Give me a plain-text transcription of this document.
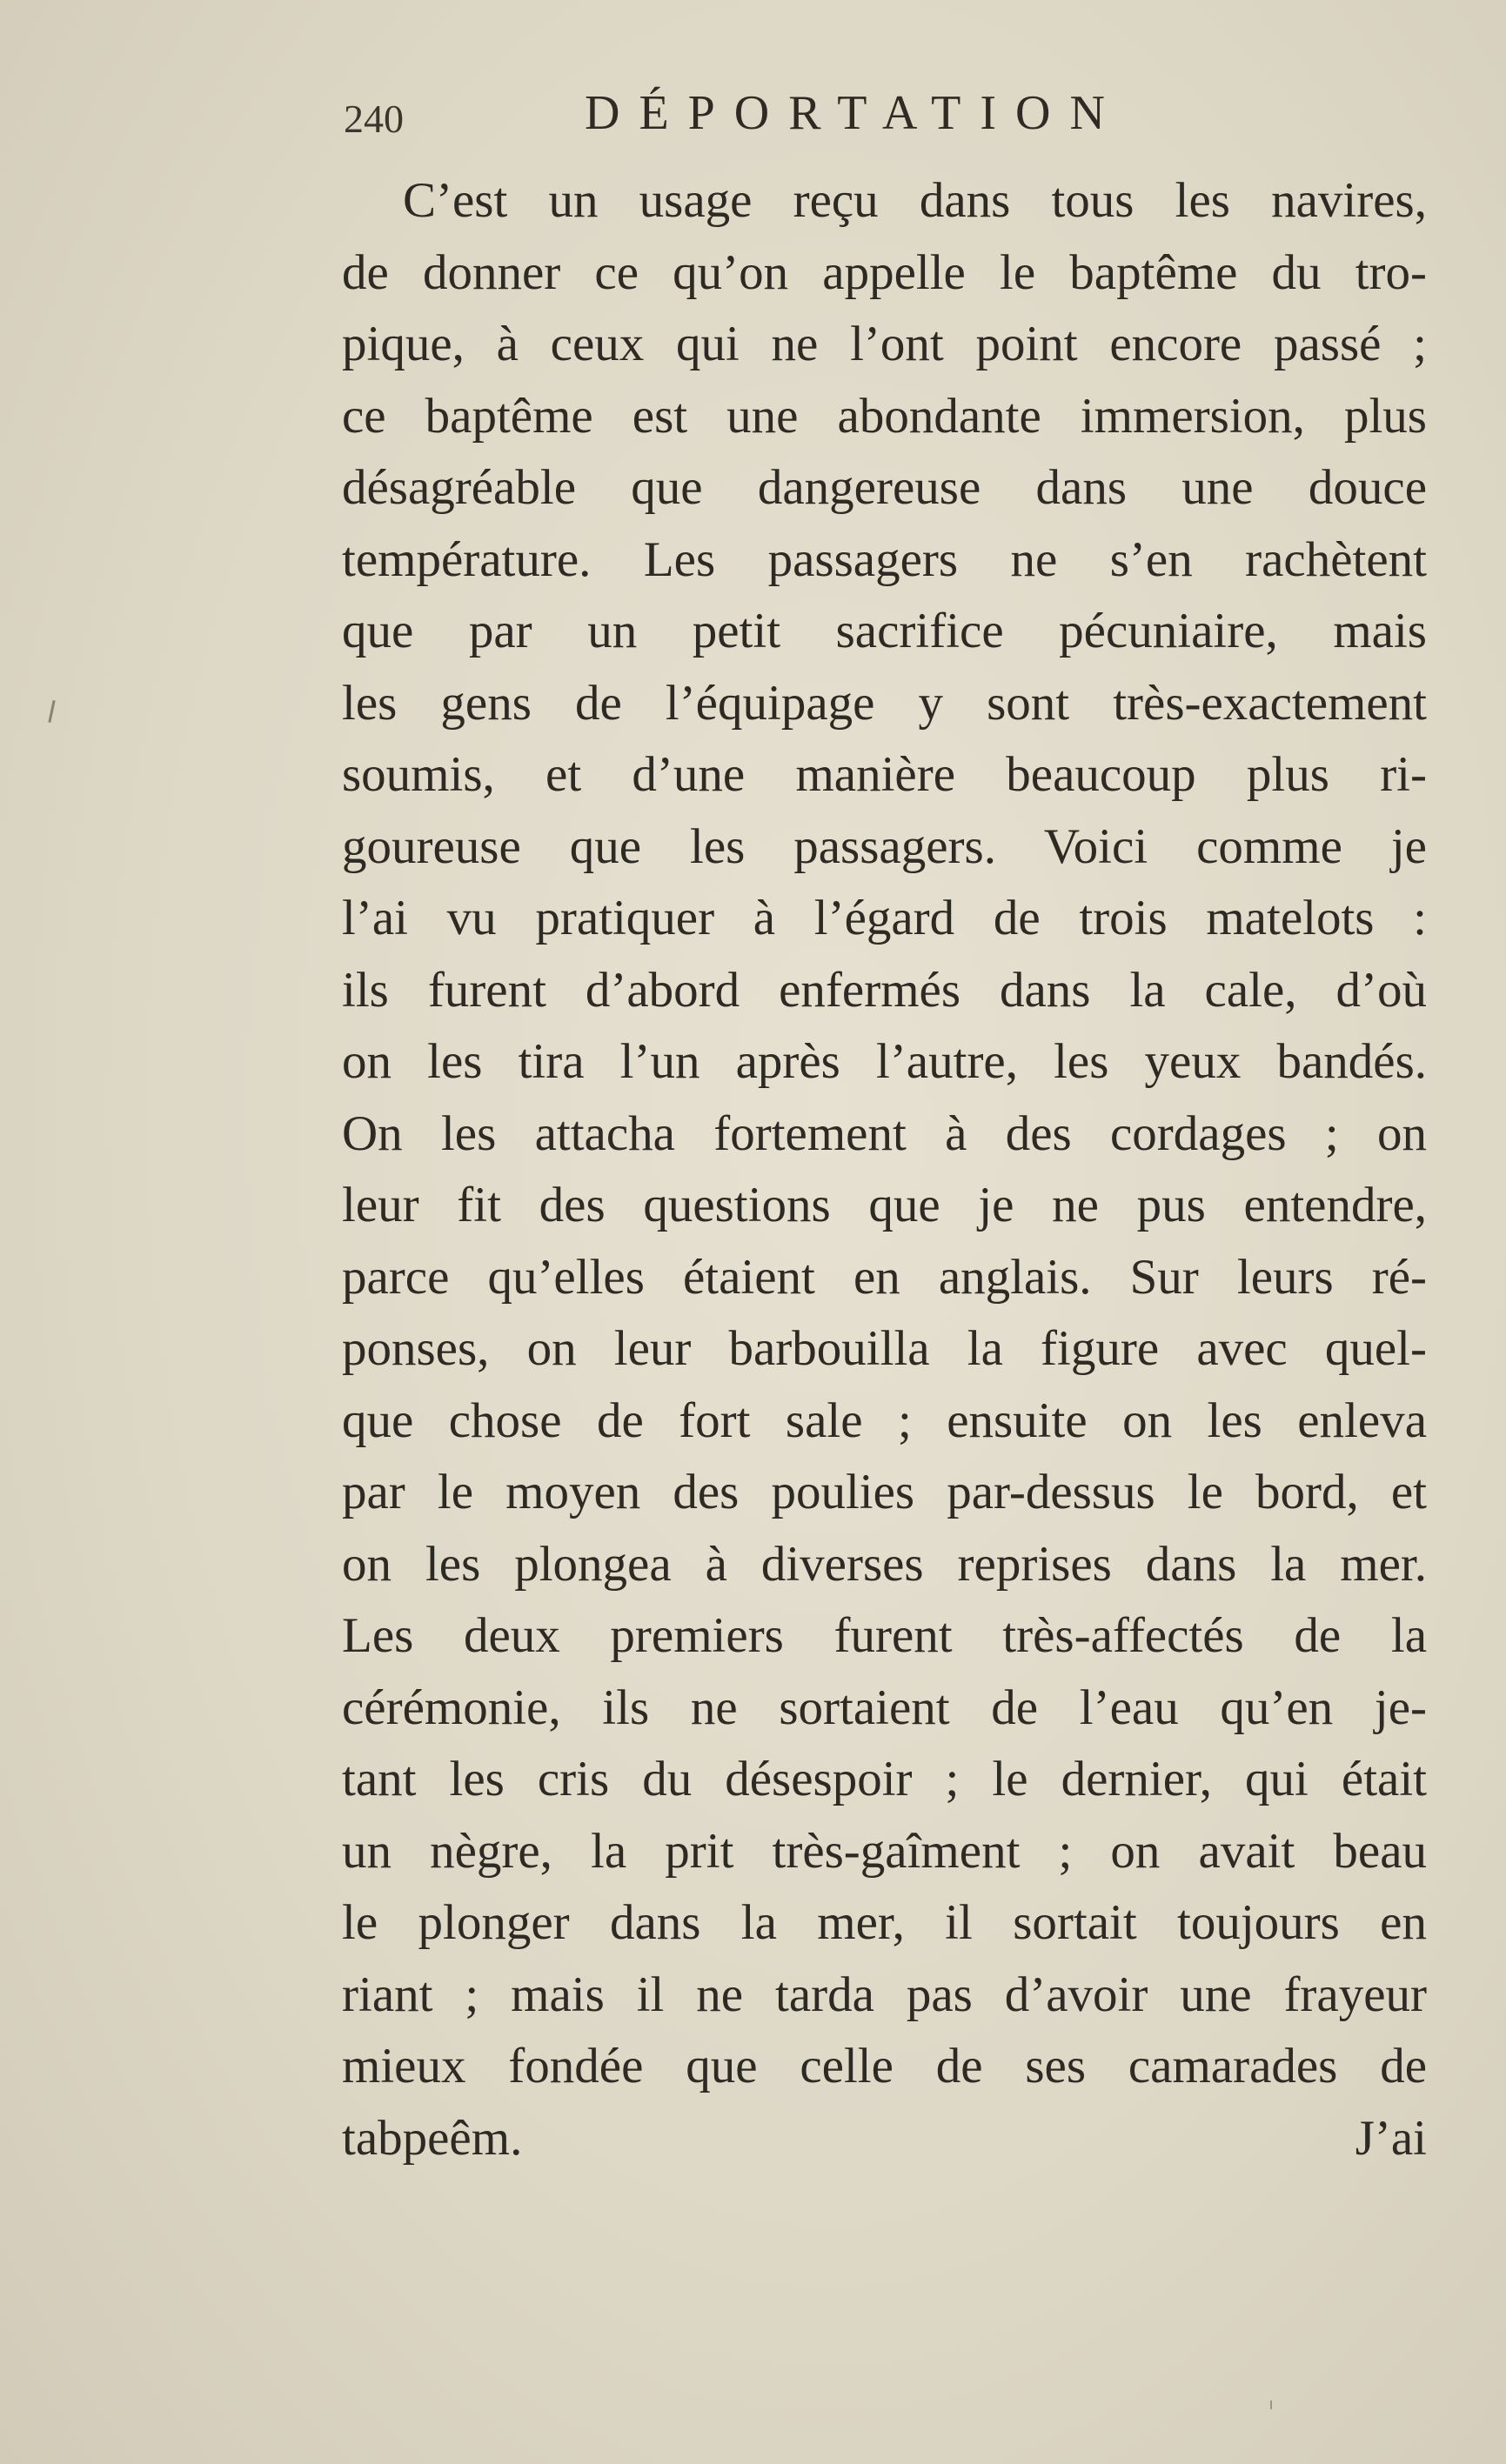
240	DÉPORTATION
C’est un usage reçu dans tous les navires,
de donner ce qu’on appelle le baptême du tro-
pique, à ceux qui ne l’ont point encore passé ;
ce baptême est une abondante immersion, plus
désagréable que dangereuse dans une douce
température. Les passagers ne s’en rachètent
que par un petit sacrifice pécuniaire, mais
les gens de l’équipage y sont très-exactement
soumis, et d’une manière beaucoup plus ri-
goureuse que les passagers. Voici comme je
l’ai vu pratiquer à l’égard de trois matelots :
ils furent d’abord enfermés dans la cale, d’où
on les tira l’un après l’autre, les yeux bandés.
On les attacha fortement à des cordages ; on
leur fit des questions que je ne pus entendre,
parce qu’elles étaient en anglais. Sur leurs ré-
ponses, on leur barbouilla la figure avec quel-
que chose de fort sale ; ensuite on les enleva
par le moyen des poulies par-dessus le bord, et
on les plongea à diverses reprises dans la mer.
Les deux premiers furent très-affectés de la
cérémonie, ils ne sortaient de l’eau qu’en je-
tant les cris du désespoir ; le dernier, qui était
un nègre, la prit très-gaîment ; on avait beau
le plonger dans la mer, il sortait toujours en
riant ; mais il ne tarda pas d’avoir une frayeur
mieux fondée que celle de ses camarades de
tabpeêm. J’ai
